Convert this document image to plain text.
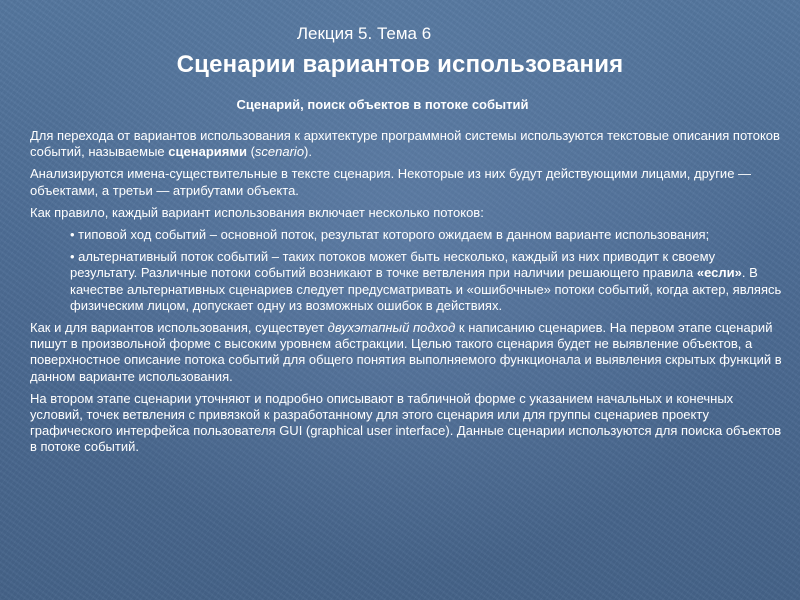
Лекция 5. Тема 6
Сценарии вариантов использования
Сценарий, поиск объектов в потоке событий

Для перехода от вариантов использования к архитектуре программной системы используются текстовые описания потоков событий, называемые сценариями (scenario).

Анализируются имена-существительные в тексте сценария. Некоторые из них будут действующими лицами, другие — объектами, а третьи — атрибутами объекта.

Как правило, каждый вариант использования включает несколько потоков:

• типовой ход событий – основной поток, результат которого ожидаем в данном варианте использования;

• альтернативный поток событий – таких потоков может быть несколько, каждый из них приводит к своему результату. Различные потоки событий возникают в точке ветвления при наличии решающего правила «если». В качестве альтернативных сценариев следует предусматривать и «ошибочные» потоки событий, когда актер, являясь физическим лицом, допускает одну из возможных ошибок в действиях.

Как и для вариантов использования, существует двухэтапный подход к написанию сценариев. На первом этапе сценарий пишут в произвольной форме с высоким уровнем абстракции. Целью такого сценария будет не выявление объектов, а поверхностное описание потока событий для общего понятия выполняемого функционала и выявления скрытых функций в данном варианте использования.

На втором этапе сценарии уточняют и подробно описывают в табличной форме с указанием начальных и конечных условий, точек ветвления с привязкой к разработанному для этого сценария или для группы сценариев проекту графического интерфейса пользователя GUI (graphical user interface). Данные сценарии используются для поиска объектов в потоке событий.
